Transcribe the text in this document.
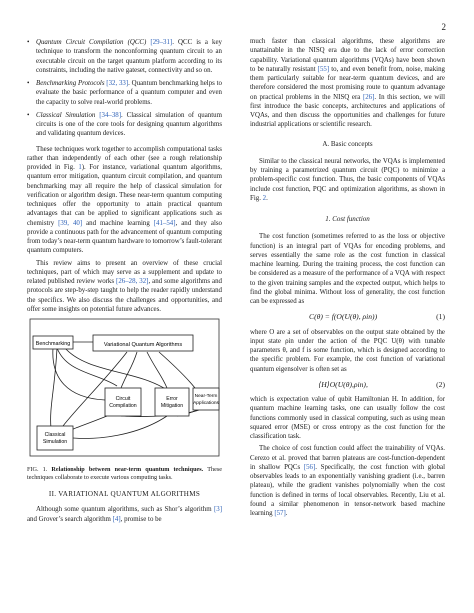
2
• Quantum Circuit Compilation (QCC) [29–31]. QCC is a key technique to transform the nonconforming quantum circuit to an executable circuit on the target quantum platform according to its constraints, including the native gateset, connectivity and so on.
• Benchmarking Protocols [32, 33]. Quantum benchmarking helps to evaluate the basic performance of a quantum computer and even the capacity to solve real-world problems.
• Classical Simulation [34–38]. Classical simulation of quantum circuits is one of the core tools for designing quantum algorithms and validating quantum devices.

These techniques work together to accomplish computational tasks rather than independently of each other (see a rough relationship provided in Fig. 1). For instance, variational quantum algorithms, quantum error mitigation, quantum circuit compilation, and quantum benchmarking may all require the help of classical simulation for verification or algorithm design. These near-term quantum computing techniques offer the opportunity to attain practical quantum advantages that can be applied to significant applications such as chemistry [39, 40] and machine learning [41–54], and they also provide a continuous path for the advancement of quantum computing from today’s near-term quantum hardware to tomorrow’s fault-tolerant quantum computers.

This review aims to present an overview of these crucial techniques, part of which may serve as a supplement and update to related published review works [26–28, 32], and some algorithms and protocols are step-by-step taught to help the reader rapidly understand the specifics. We also discuss the challenges and opportunities, and offer some insights on potential future advances.

Benchmarking	Variational Quantum Algorithms
Near-Term
Applications
Circuit
Compilation
Error
Mitigation
Classical
Simulation

FIG. 1. Relationship between near-term quantum techniques. These techniques collaborate to execute various computing tasks.

II. VARIATIONAL QUANTUM ALGORITHMS

Although some quantum algorithms, such as Shor’s algorithm [3] and Grover’s search algorithm [4], promise to be

much faster than classical algorithms, these algorithms are unattainable in the NISQ era due to the lack of error correction capability. Variational quantum algorithms (VQAs) have been shown to be naturally resistant [55] to, and even benefit from, noise, making them particularly suitable for near-term quantum devices, and are therefore considered the most promising route to quantum advantage on practical problems in the NISQ era [26]. In this section, we will first introduce the basic concepts, architectures and applications of VQAs, and then discuss the opportunities and challenges for future industrial applications or scientific research.

A. Basic concepts

Similar to the classical neural networks, the VQAs is implemented by training a parametrized quantum circuit (PQC) to minimize a problem-specific cost function. Thus, the basic components of VQAs include cost function, PQC and optimization algorithms, as shown in Fig. 2.

1. Cost function

The cost function (sometimes referred to as the loss or objective function) is an integral part of VQAs for encoding problems, and serves essentially the same role as the cost function in classical machine learning. During the training process, the cost function can be considered as a measure of the performance of a VQA with respect to the given training samples and the expected output, which helps to find the global minima. Without loss of generality, the cost function can be expressed as

C(θ) = f(O(U(θ), ρin))	(1)

where O are a set of observables on the output state obtained by the input state ρin under the action of the PQC U(θ) with tunable parameters θ, and f is some function, which is designed according to the specific problem. For example, the cost function of variational quantum eigensolver is often set as

⟨H⟩O(U(θ),ρin),	(2)

which is expectation value of qubit Hamiltonian H. In addition, for quantum machine learning tasks, one can usually follow the cost functions commonly used in classical computing, such as using mean squared error (MSE) or cross entropy as the cost function for the classification task.

The choice of cost function could affect the trainability of VQAs. Cerezo et al. proved that barren plateaus are cost-function-dependent in shallow PQCs [56]. Specifically, the cost function with global observables leads to an exponentially vanishing gradient (i.e., barren plateau), while the gradient vanishes polynomially when the cost function is defined in terms of local observables. Recently, Liu et al. found a similar phenomenon in tensor-network based machine learning [57].
